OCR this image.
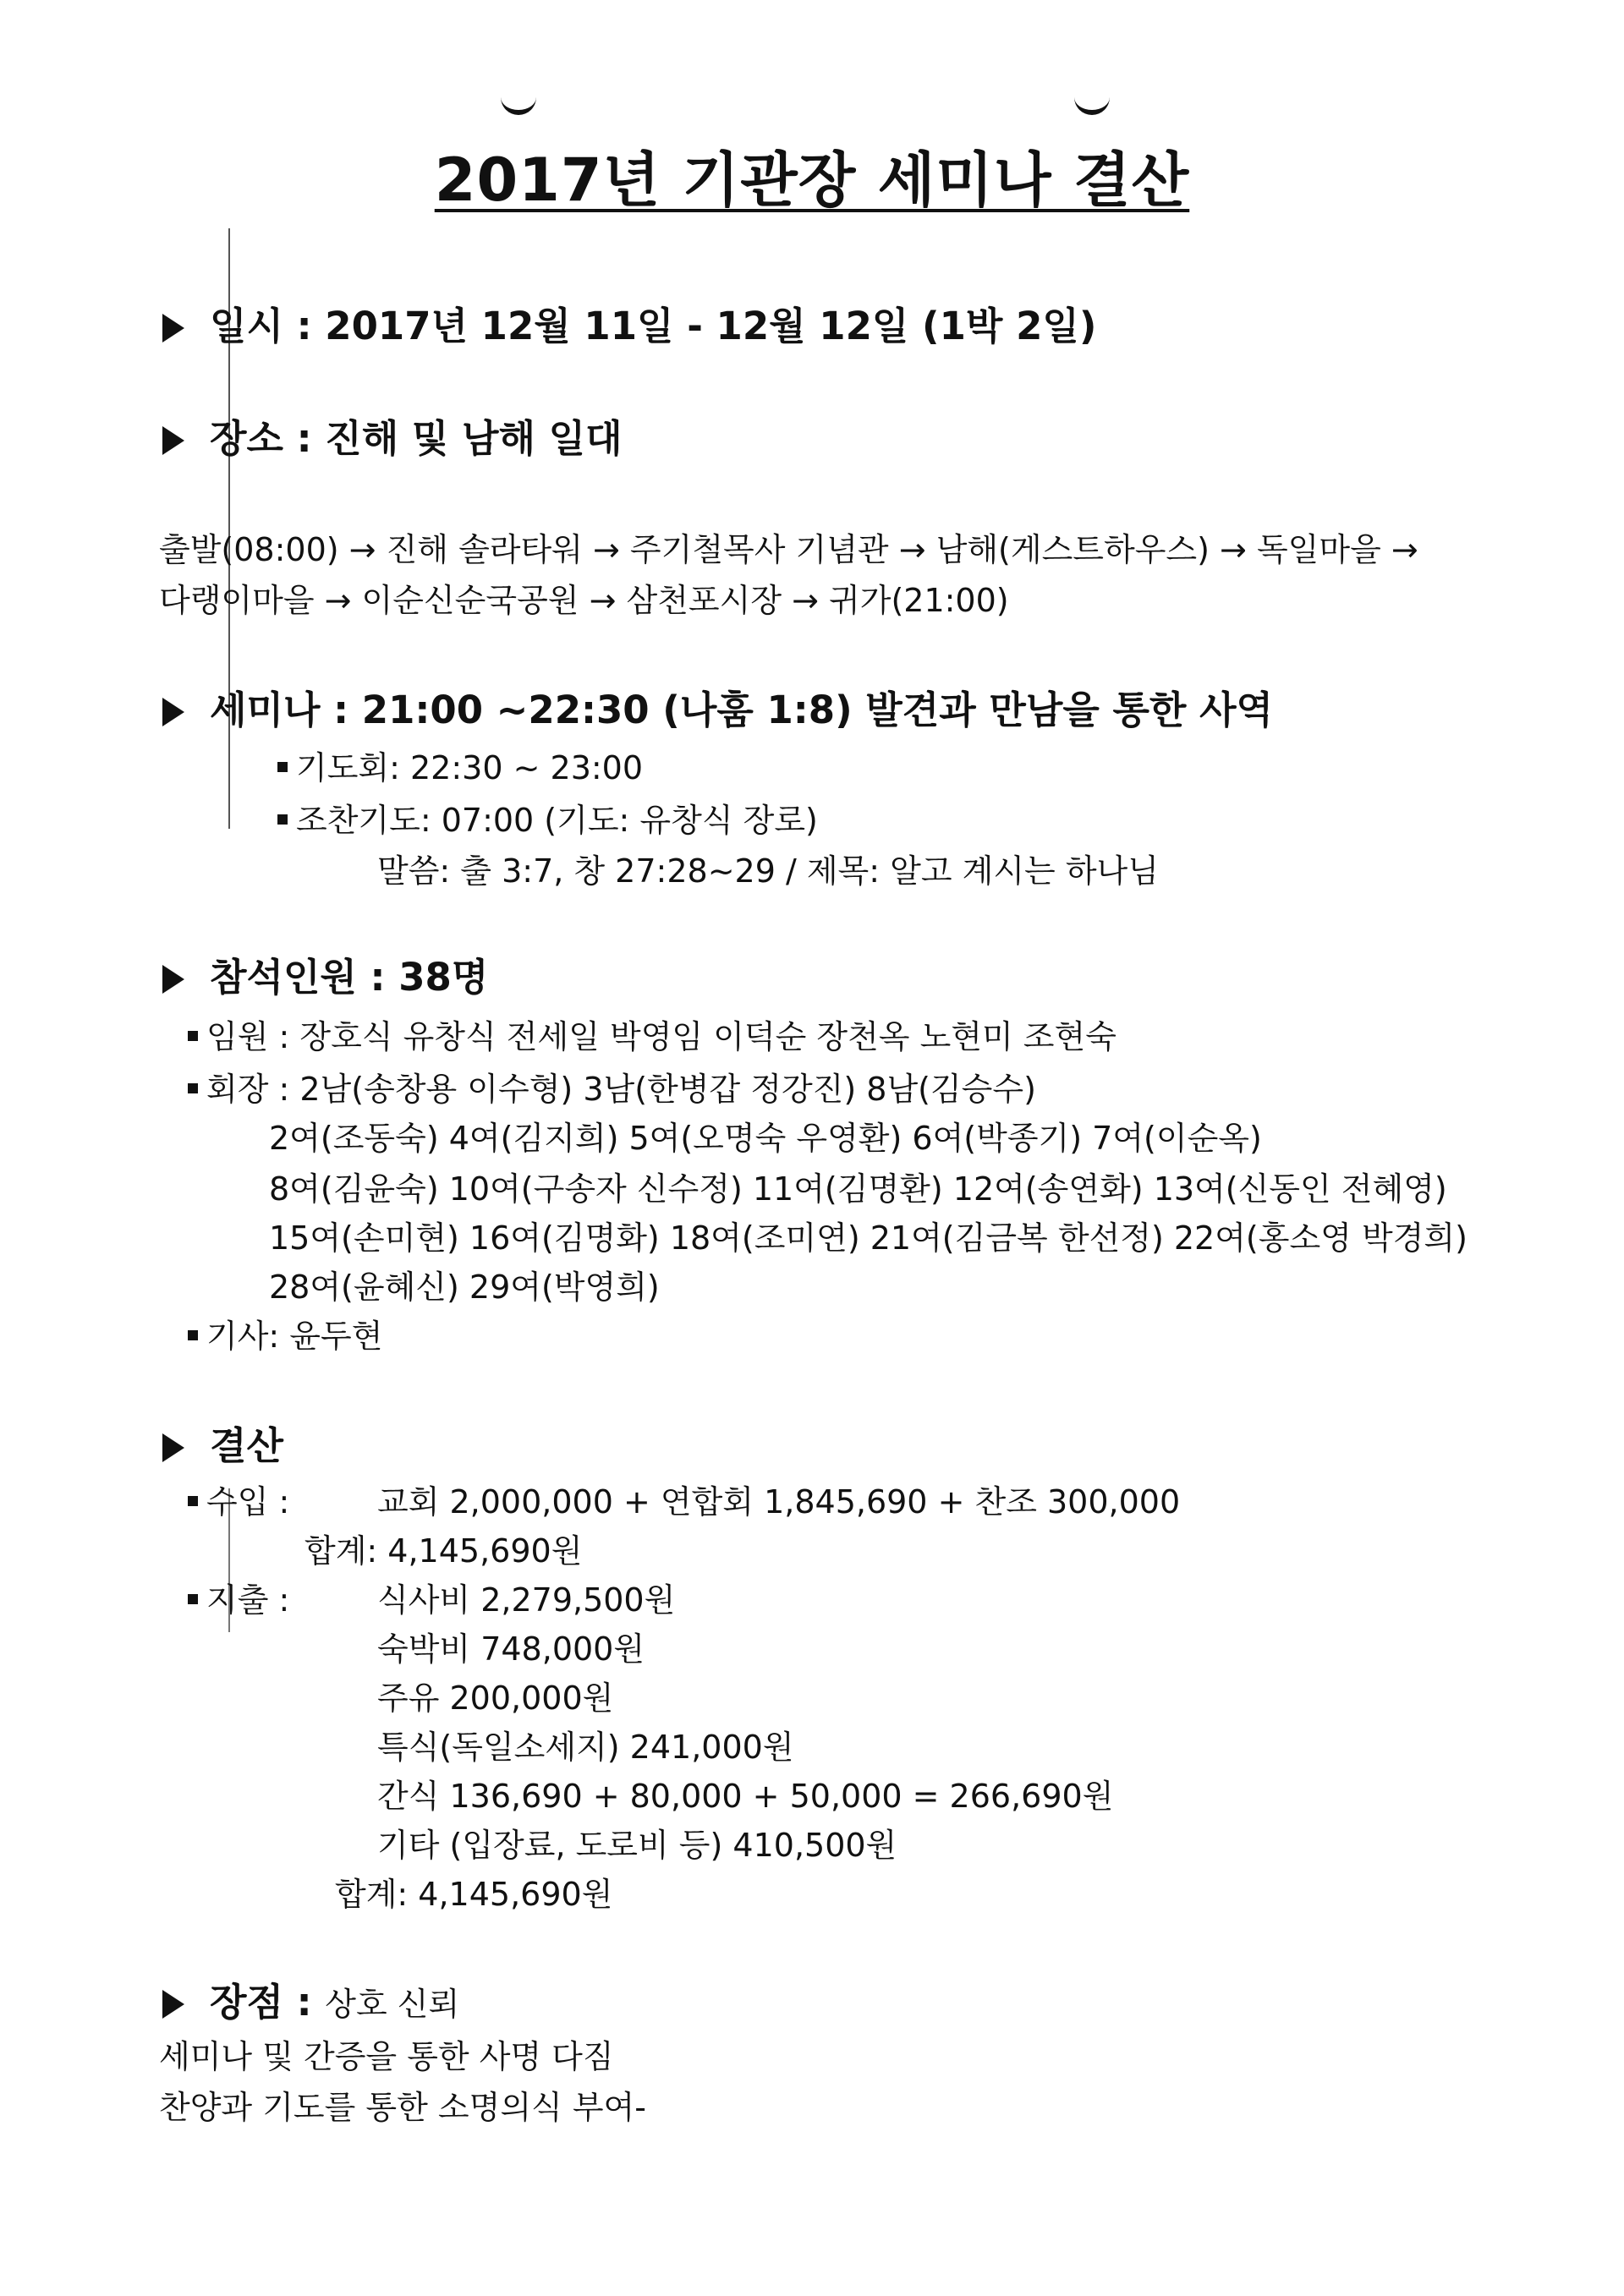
2017년 기관장 세미나 결산
일시 : 2017년 12월 11일 - 12월 12일 (1박 2일)
장소 : 진해 및 남해 일대
출발(08:00) → 진해 솔라타워 → 주기철목사 기념관 → 남해(게스트하우스) → 독일마을 →
다랭이마을 → 이순신순국공원 → 삼천포시장 → 귀가(21:00)
세미나 : 21:00 ~22:30 (나훔 1:8) 발견과 만남을 통한 사역
기도회: 22:30 ~ 23:00
조찬기도: 07:00 (기도: 유창식 장로)
말씀: 출 3:7, 창 27:28~29 / 제목: 알고 계시는 하나님
참석인원 : 38명
임원 : 장호식 유창식 전세일 박영임 이덕순 장천옥 노현미 조현숙
회장 : 2남(송창용 이수형) 3남(한병갑 정강진) 8남(김승수)
2여(조동숙) 4여(김지희) 5여(오명숙 우영환) 6여(박종기) 7여(이순옥)
8여(김윤숙) 10여(구송자 신수정) 11여(김명환) 12여(송연화) 13여(신동인 전혜영)
15여(손미현) 16여(김명화) 18여(조미연) 21여(김금복 한선정) 22여(홍소영 박경희)
28여(윤혜신) 29여(박영희)
기사: 윤두현
결산
수입 :	교회 2,000,000 + 연합회 1,845,690 + 찬조 300,000
합계: 4,145,690원
지출 :	식사비 2,279,500원
숙박비 748,000원
주유 200,000원
특식(독일소세지) 241,000원
간식 136,690 + 80,000 + 50,000 = 266,690원
기타 (입장료, 도로비 등) 410,500원
합계: 4,145,690원
장점 : 상호 신뢰
세미나 및 간증을 통한 사명 다짐
찬양과 기도를 통한 소명의식 부여-
